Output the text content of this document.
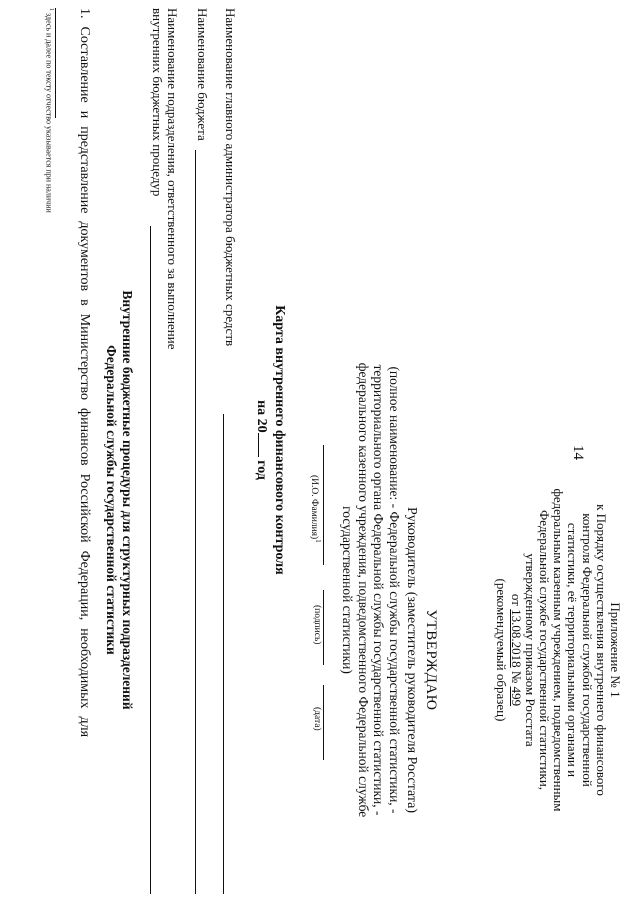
14
Приложение № 1
к Порядку осуществления внутреннего финансового
контроля Федеральной службой государственной
статистики, её территориальными органами и
федеральным казенным учреждением, подведомственным
Федеральной службе государственной статистики,
утвержденному приказом Росстата
от 13.08.2018 № 499
(рекомендуемый образец)
УТВЕРЖДАЮ
Руководитель (заместитель руководителя Росстата)
(полное наименование: - Федеральной службы государственной статистики, -
территориального органа Федеральной службы государственной статистики, -
федерального казенного учреждения, подведомственного Федеральной службе
государственной статистики)
(И.О. Фамилия)$^1$
(подпись)
(дата)
Карта внутреннего финансового контроля
на 20 год
Наименование главного администратора бюджетных средств
Наименование бюджета
Наименование подразделения, ответственного за выполнение
внутренних бюджетных процедур
Внутренние бюджетные процедуры для структурных подразделений
Федеральной службы государственной статистики
1.СоставлениеипредставлениедокументоввМинистерствофинансовРоссийскойФедерации,необходимыхдля
$^1$ здесь и далее по тексту отчество указывается при наличии
